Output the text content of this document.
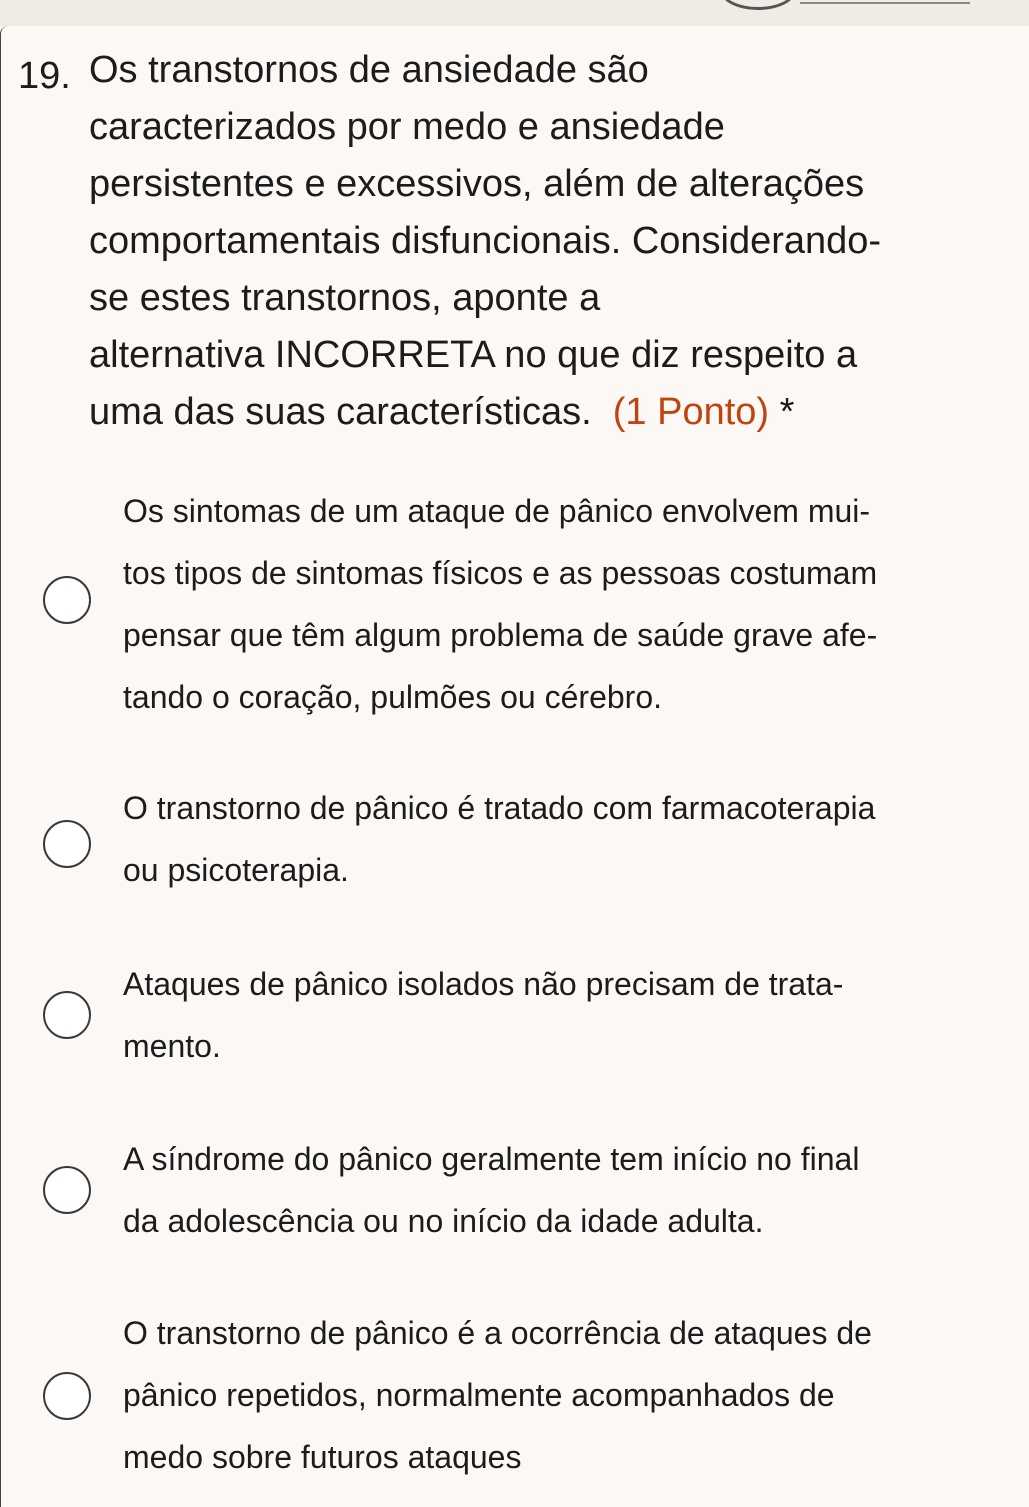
19. Os transtornos de ansiedade são
caracterizados por medo e ansiedade
persistentes e excessivos, além de alterações
comportamentais disfuncionais. Considerando-
se estes transtornos, aponte a
alternativa INCORRETA no que diz respeito a
uma das suas características. (1 Ponto) *
Os sintomas de um ataque de pânico envolvem mui-
tos tipos de sintomas físicos e as pessoas costumam
pensar que têm algum problema de saúde grave afe-
tando o coração, pulmões ou cérebro.
O transtorno de pânico é tratado com farmacoterapia
ou psicoterapia.
Ataques de pânico isolados não precisam de trata-
mento.
A síndrome do pânico geralmente tem início no final
da adolescência ou no início da idade adulta.
O transtorno de pânico é a ocorrência de ataques de
pânico repetidos, normalmente acompanhados de
medo sobre futuros ataques
